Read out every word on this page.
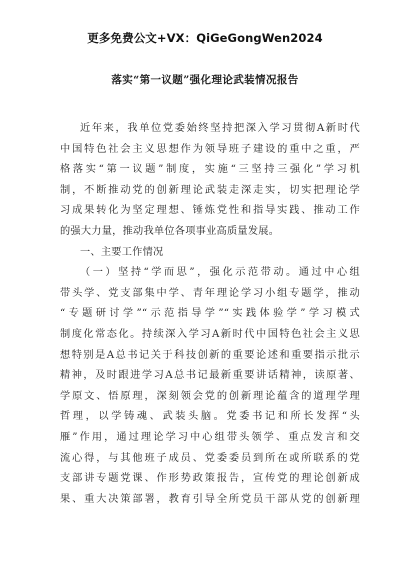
更多免费公文+VX：QiGeGongWen2024
落实“第一议题”强化理论武装情况报告
近年来，我单位党委始终坚持把深入学习贯彻A新时代
中国特色社会主义思想作为领导班子建设的重中之重，严
格落实“第一议题”制度，实施“三坚持三强化”学习机
制，不断推动党的创新理论武装走深走实，切实把理论学
习成果转化为坚定理想、锤炼党性和指导实践、推动工作
的强大力量，推动我单位各项事业高质量发展。
一、主要工作情况
（一）坚持“学而思”，强化示范带动。通过中心组
带头学、党支部集中学、青年理论学习小组专题学，推动
“专题研讨学”“示范指导学”“实践体验学”学习模式
制度化常态化。持续深入学习A新时代中国特色社会主义思
想特别是A总书记关于科技创新的重要论述和重要指示批示
精神，及时跟进学习A总书记最新重要讲话精神，读原著、
学原文、悟原理，深刻领会党的创新理论蕴含的道理学理
哲理，以学铸魂、武装头脑。党委书记和所长发挥“头
雁”作用，通过理论学习中心组带头领学、重点发言和交
流心得，与其他班子成员、党委委员到所在或所联系的党
支部讲专题党课、作形势政策报告，宣传党的理论创新成
果、重大决策部署，教育引导全所党员干部从党的创新理
